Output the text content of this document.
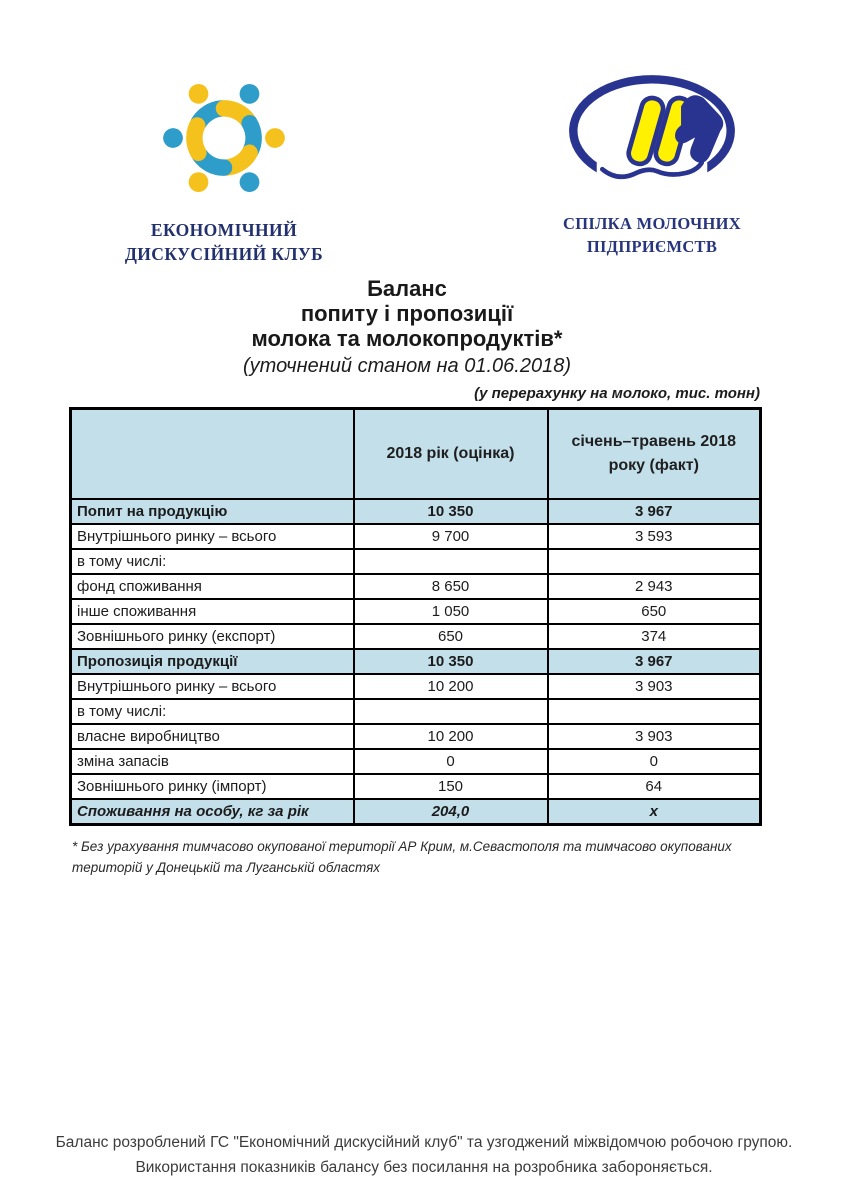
ЕКОНОМІЧНИЙ
ДИСКУСІЙНИЙ КЛУБ
СПІЛКА МОЛОЧНИХ
ПІДПРИЄМСТВ
Баланс
попиту і пропозиції
молока та молокопродуктів*
(уточнений станом на 01.06.2018)
(у перерахунку на молоко, тис. тонн)
	2018 рік (оцінка)	січень–травень 2018 року (факт)
Попит на продукцію	10 350	3 967
Внутрішнього ринку – всього	9 700	3 593
в тому числі:		
фонд споживання	8 650	2 943
інше споживання	1 050	650
Зовнішнього ринку (експорт)	650	374
Пропозиція продукції	10 350	3 967
Внутрішнього ринку – всього	10 200	3 903
в тому числі:		
власне виробництво	10 200	3 903
зміна запасів	0	0
Зовнішнього ринку (імпорт)	150	64
Споживання на особу, кг за рік	204,0	x
* Без урахування тимчасово окупованої території АР Крим, м.Севастополя та тимчасово окупованих територій у Донецькій та Луганській областях
Баланс розроблений ГС "Економічний дискусійний клуб" та узгоджений міжвідомчою робочою групою.
Використання показників балансу без посилання на розробника забороняється.
